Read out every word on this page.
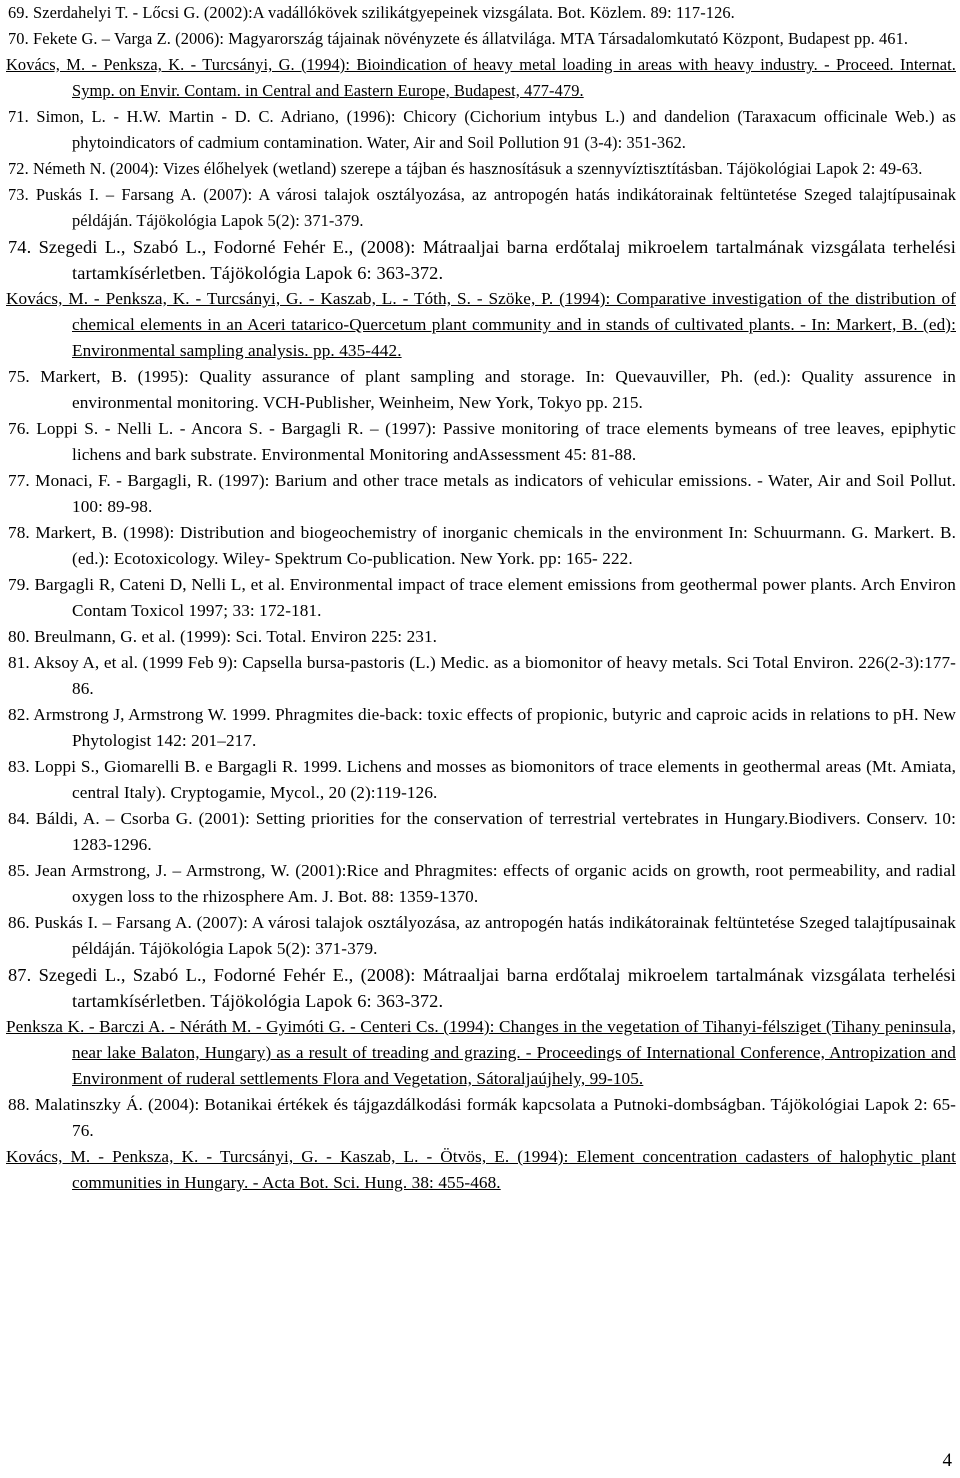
69. Szerdahelyi T. - Lőcsi G. (2002):A vadállókövek szilikátgyepeinek vizsgálata. Bot. Közlem. 89: 117-126.
70. Fekete G. – Varga Z. (2006): Magyarország tájainak növényzete és állatvilága. MTA Társadalomkutató Központ, Budapest pp. 461.
Kovács, M. - Penksza, K. - Turcsányi, G. (1994): Bioindication of heavy metal loading in areas with heavy industry. - Proceed. Internat. Symp. on Envir. Contam. in Central and Eastern Europe, Budapest, 477-479.
71. Simon, L. - H.W. Martin - D. C. Adriano, (1996): Chicory (Cichorium intybus L.) and dandelion (Taraxacum officinale Web.) as phytoindicators of cadmium contamination. Water, Air and Soil Pollution 91 (3-4): 351-362.
72. Németh N. (2004): Vizes élőhelyek (wetland) szerepe a tájban és hasznosításuk a szennyvíztisztításban. Tájökológiai Lapok 2: 49-63.
73. Puskás I. – Farsang A. (2007): A városi talajok osztályozása, az antropogén hatás indikátorainak feltüntetése Szeged talajtípusainak példáján. Tájökológia Lapok 5(2): 371-379.
74. Szegedi L., Szabó L., Fodorné Fehér E., (2008): Mátraaljai barna erdőtalaj mikroelem tartalmának vizsgálata terhelési tartamkísérletben. Tájökológia Lapok 6: 363-372.
Kovács, M. - Penksza, K. - Turcsányi, G. - Kaszab, L. - Tóth, S. - Szöke, P. (1994): Comparative investigation of the distribution of chemical elements in an Aceri tatarico-Quercetum plant community and in stands of cultivated plants. - In: Markert, B. (ed): Environmental sampling analysis. pp. 435-442.
75. Markert, B. (1995): Quality assurance of plant sampling and storage. In: Quevauviller, Ph. (ed.): Quality assurence in environmental monitoring. VCH-Publisher, Weinheim, New York, Tokyo pp. 215.
76. Loppi S. - Nelli L. - Ancora S. - Bargagli R. – (1997): Passive monitoring of trace elements bymeans of tree leaves, epiphytic lichens and bark substrate. Environmental Monitoring andAssessment 45: 81-88.
77. Monaci, F. - Bargagli, R. (1997): Barium and other trace metals as indicators of vehicular emissions. - Water, Air and Soil Pollut. 100: 89-98.
78. Markert, B. (1998): Distribution and biogeochemistry of inorganic chemicals in the environment In: Schuurmann. G. Markert. B. (ed.): Ecotoxicology. Wiley- Spektrum Co-publication. New York. pp: 165- 222.
79. Bargagli R, Cateni D, Nelli L, et al. Environmental impact of trace element emissions from geothermal power plants. Arch Environ Contam Toxicol 1997; 33: 172-181.
80. Breulmann, G. et al. (1999): Sci. Total. Environ 225: 231.
81. Aksoy A, et al. (1999 Feb 9): Capsella bursa-pastoris (L.) Medic. as a biomonitor of heavy metals. Sci Total Environ. 226(2-3):177-86.
82. Armstrong J, Armstrong W. 1999. Phragmites die-back: toxic effects of propionic, butyric and caproic acids in relations to pH. New Phytologist 142: 201–217.
83. Loppi S., Giomarelli B. e Bargagli R. 1999. Lichens and mosses as biomonitors of trace elements in geothermal areas (Mt. Amiata, central Italy). Cryptogamie, Mycol., 20 (2):119-126.
84. Báldi, A. – Csorba G. (2001): Setting priorities for the conservation of terrestrial vertebrates in Hungary.Biodivers. Conserv. 10: 1283-1296.
85. Jean Armstrong, J. – Armstrong, W. (2001):Rice and Phragmites: effects of organic acids on growth, root permeability, and radial oxygen loss to the rhizosphere Am. J. Bot. 88: 1359-1370.
86. Puskás I. – Farsang A. (2007): A városi talajok osztályozása, az antropogén hatás indikátorainak feltüntetése Szeged talajtípusainak példáján. Tájökológia Lapok 5(2): 371-379.
87. Szegedi L., Szabó L., Fodorné Fehér E., (2008): Mátraaljai barna erdőtalaj mikroelem tartalmának vizsgálata terhelési tartamkísérletben. Tájökológia Lapok 6: 363-372.
Penksza K. - Barczi A. - Néráth M. - Gyimóti G. - Centeri Cs. (1994): Changes in the vegetation of Tihanyi-félsziget (Tihany peninsula, near lake Balaton, Hungary) as a result of treading and grazing. - Proceedings of International Conference, Antropization and Environment of ruderal settlements Flora and Vegetation, Sátoraljaújhely, 99-105.
88. Malatinszky Á. (2004): Botanikai értékek és tájgazdálkodási formák kapcsolata a Putnoki-dombságban. Tájökológiai Lapok 2: 65-76.
Kovács, M. - Penksza, K. - Turcsányi, G. - Kaszab, L. - Ötvös, E. (1994): Element concentration cadasters of halophytic plant communities in Hungary. - Acta Bot. Sci. Hung. 38: 455-468.
4
